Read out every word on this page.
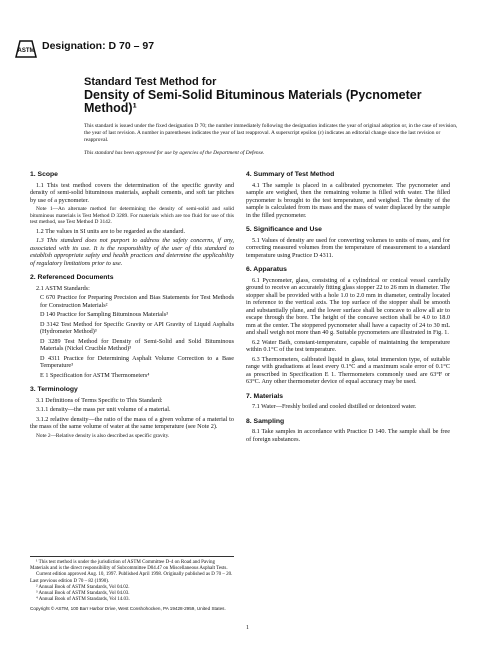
ASTM Designation: D 70 – 97
Standard Test Method for
Density of Semi-Solid Bituminous Materials (Pycnometer
Method)¹

This standard is issued under the fixed designation D 70; the number immediately following the designation indicates the year of original adoption or, in the case of revision, the year of last revision. A number in parentheses indicates the year of last reapproval. A superscript epsilon (ε) indicates an editorial change since the last revision or reapproval.

This standard has been approved for use by agencies of the Department of Defense.

1. Scope

1.1 This test method covers the determination of the specific gravity and density of semi-solid bituminous materials, asphalt cements, and soft tar pitches by use of a pycnometer.

Note 1—An alternate method for determining the density of semi-solid and solid bituminous materials is Test Method D 3289. For materials which are too fluid for use of this test method, use Test Method D 3142.

1.2 The values in SI units are to be regarded as the standard.

1.3 This standard does not purport to address the safety concerns, if any, associated with its use. It is the responsibility of the user of this standard to establish appropriate safety and health practices and determine the applicability of regulatory limitations prior to use.

2. Referenced Documents

2.1 ASTM Standards:

C 670 Practice for Preparing Precision and Bias Statements for Test Methods for Construction Materials²

D 140 Practice for Sampling Bituminous Materials³

D 3142 Test Method for Specific Gravity or API Gravity of Liquid Asphalts (Hydrometer Method)³

D 3289 Test Method for Density of Semi-Solid and Solid Bituminous Materials (Nickel Crucible Method)³

D 4311 Practice for Determining Asphalt Volume Correction to a Base Temperature³

E 1 Specification for ASTM Thermometers⁴

3. Terminology

3.1 Definitions of Terms Specific to This Standard:

3.1.1 density—the mass per unit volume of a material.

3.1.2 relative density—the ratio of the mass of a given volume of a material to the mass of the same volume of water at the same temperature (see Note 2).

Note 2—Relative density is also described as specific gravity.

4. Summary of Test Method

4.1 The sample is placed in a calibrated pycnometer. The pycnometer and sample are weighed, then the remaining volume is filled with water. The filled pycnometer is brought to the test temperature, and weighed. The density of the sample is calculated from its mass and the mass of water displaced by the sample in the filled pycnometer.

5. Significance and Use

5.1 Values of density are used for converting volumes to units of mass, and for correcting measured volumes from the temperature of measurement to a standard temperature using Practice D 4311.

6. Apparatus

6.1 Pycnometer, glass, consisting of a cylindrical or conical vessel carefully ground to receive an accurately fitting glass stopper 22 to 26 mm in diameter. The stopper shall be provided with a hole 1.0 to 2.0 mm in diameter, centrally located in reference to the vertical axis. The top surface of the stopper shall be smooth and substantially plane, and the lower surface shall be concave to allow all air to escape through the bore. The height of the concave section shall be 4.0 to 18.0 mm at the center. The stoppered pycnometer shall have a capacity of 24 to 30 mL and shall weigh not more than 40 g. Suitable pycnometers are illustrated in Fig. 1.

6.2 Water Bath, constant-temperature, capable of maintaining the temperature within 0.1°C of the test temperature.

6.3 Thermometers, calibrated liquid in glass, total immersion type, of suitable range with graduations at least every 0.1°C and a maximum scale error of 0.1°C as prescribed in Specification E 1. Thermometers commonly used are 63°F or 63°C. Any other thermometer device of equal accuracy may be used.

7. Materials

7.1 Water—Freshly boiled and cooled distilled or deionized water.

8. Sampling

8.1 Take samples in accordance with Practice D 140. The sample shall be free of foreign substances.

¹ This test method is under the jurisdiction of ASTM Committee D-4 on Road and Paving Materials and is the direct responsibility of Subcommittee D04.47 on Miscellaneous Asphalt Tests.

Current edition approved Aug. 10, 1997. Published April 1998. Originally published as D 70 – 20. Last previous edition D 70 – 82 (1990).

² Annual Book of ASTM Standards, Vol 04.02.

³ Annual Book of ASTM Standards, Vol 04.03.

⁴ Annual Book of ASTM Standards, Vol 14.03.

Copyright © ASTM, 100 Barr Harbor Drive, West Conshohocken, PA 19428-2959, United States.
1
